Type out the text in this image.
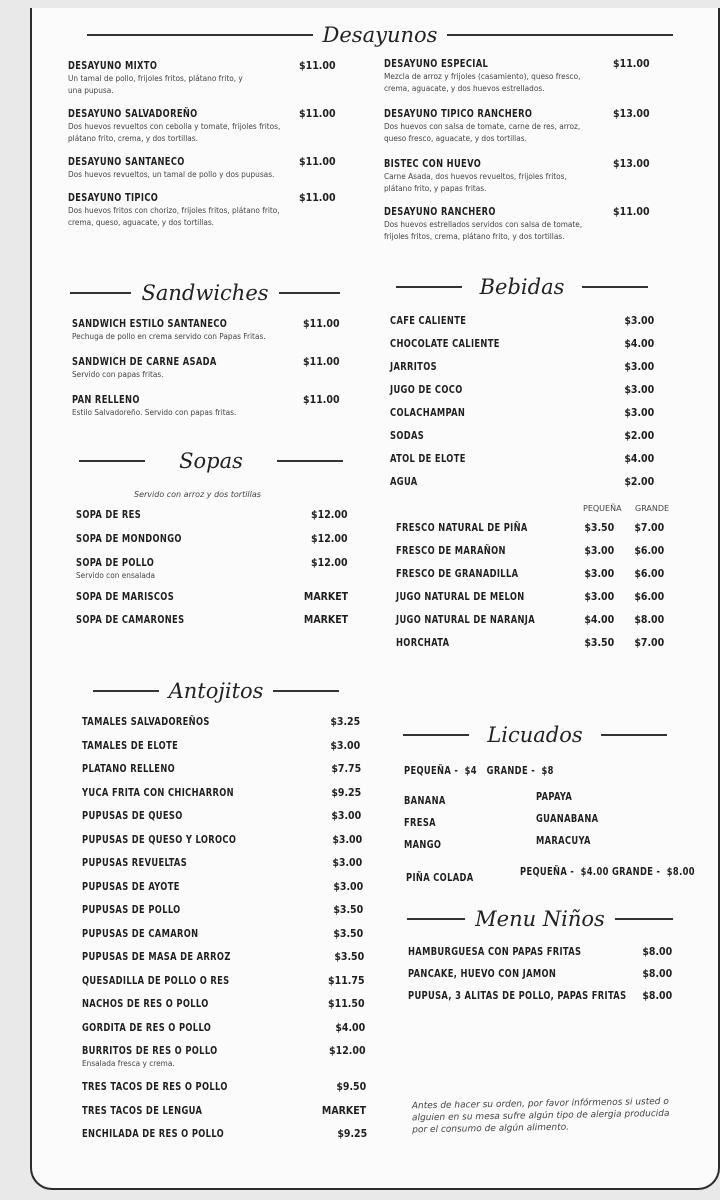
Desayunos
DESAYUNO MIXTO
Un tamal de pollo, frijoles fritos, plátano frito, y una pupusa.
$11.00
DESAYUNO SALVADOREÑO
Dos huevos revueltos con cebolla y tomate, frijoles fritos, plátano frito, crema, y dos tortillas.
$11.00
DESAYUNO SANTANECO
Dos huevos revueltos, un tamal de pollo y dos pupusas.
$11.00
DESAYUNO TIPICO
Dos huevos fritos con chorizo, frijoles fritos, plátano frito, crema, queso, aguacate, y dos tortillas.
$11.00
DESAYUNO ESPECIAL
Mezcla de arroz y frijoles (casamiento), queso fresco, crema, aguacate, y dos huevos estrellados.
$11.00
DESAYUNO TIPICO RANCHERO
Dos huevos con salsa de tomate, carne de res, arroz, queso fresco, aguacate, y dos tortillas.
$13.00
BISTEC CON HUEVO
Carne Asada, dos huevos revueltos, frijoles fritos, plátano frito, y papas fritas.
$13.00
DESAYUNO RANCHERO
Dos huevos estrellados servidos con salsa de tomate, frijoles fritos, crema, plátano frito, y dos tortillas.
$11.00
Sandwiches
SANDWICH ESTILO SANTANECO
Pechuga de pollo en crema servido con Papas Fritas.
$11.00
SANDWICH DE CARNE ASADA
Servido con papas fritas.
$11.00
PAN RELLENO
Estilo Salvadoreño. Servido con papas fritas.
$11.00
Sopas
Servido con arroz y dos tortillas
SOPA DE RES	$12.00
SOPA DE MONDONGO	$12.00
SOPA DE POLLO
Servido con ensalada
$12.00
SOPA DE MARISCOS	MARKET
SOPA DE CAMARONES	MARKET
Antojitos
TAMALES SALVADOREÑOS	$3.25
TAMALES DE ELOTE	$3.00
PLATANO RELLENO	$7.75
YUCA FRITA CON CHICHARRON	$9.25
PUPUSAS DE QUESO	$3.00
PUPUSAS DE QUESO Y LOROCO	$3.00
PUPUSAS REVUELTAS	$3.00
PUPUSAS DE AYOTE	$3.00
PUPUSAS DE POLLO	$3.50
PUPUSAS DE CAMARON	$3.50
PUPUSAS DE MASA DE ARROZ	$3.50
QUESADILLA DE POLLO O RES	$11.75
NACHOS DE RES O POLLO	$11.50
GORDITA DE RES O POLLO	$4.00
BURRITOS DE RES O POLLO
Ensalada fresca y crema.
$12.00
TRES TACOS DE RES O POLLO	$9.50
TRES TACOS DE LENGUA	MARKET
ENCHILADA DE RES O POLLO	$9.25
Bebidas
CAFE CALIENTE	$3.00
CHOCOLATE CALIENTE	$4.00
JARRITOS	$3.00
JUGO DE COCO	$3.00
COLACHAMPAN	$3.00
SODAS	$2.00
ATOL DE ELOTE	$4.00
AGUA	$2.00
PEQUEÑA GRANDE
FRESCO NATURAL DE PIÑA	$3.50 $7.00
FRESCO DE MARAÑON	$3.00 $6.00
FRESCO DE GRANADILLA	$3.00 $6.00
JUGO NATURAL DE MELON	$3.00 $6.00
JUGO NATURAL DE NARANJA	$4.00 $8.00
HORCHATA	$3.50 $7.00
Licuados
PEQUEÑA -  $4   GRANDE -  $8
BANANA
FRESA
MANGO
PAPAYA
GUANABANA
MARACUYA
PIÑA COLADA	PEQUEÑA -  $4.00 GRANDE -  $8.00
Menu Niños
HAMBURGUESA CON PAPAS FRITAS	$8.00
PANCAKE, HUEVO CON JAMON	$8.00
PUPUSA, 3 ALITAS DE POLLO, PAPAS FRITAS	$8.00
Antes de hacer su orden, por favor infórmenos si usted o alguien en su mesa sufre algún tipo de alergia producida por el consumo de algún alimento.
